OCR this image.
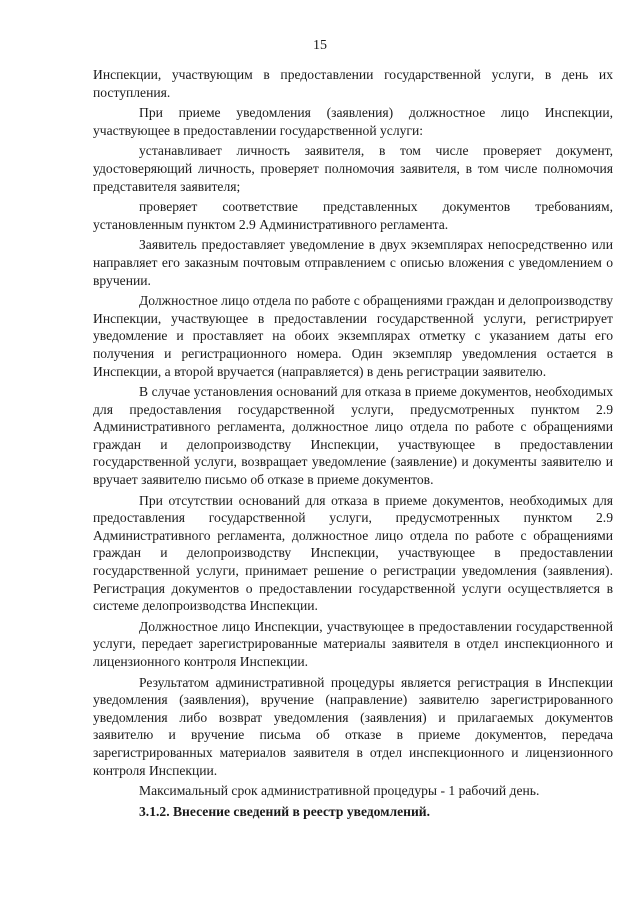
15

Инспекции, участвующим в предоставлении государственной услуги, в день их поступления.

При приеме уведомления (заявления) должностное лицо Инспекции, участвующее в предоставлении государственной услуги:

устанавливает личность заявителя, в том числе проверяет документ, удостоверяющий личность, проверяет полномочия заявителя, в том числе полномочия представителя заявителя;

проверяет соответствие представленных документов требованиям, установленным пунктом 2.9 Административного регламента.

Заявитель предоставляет уведомление в двух экземплярах непосредственно или направляет его заказным почтовым отправлением с описью вложения с уведомлением о вручении.

Должностное лицо отдела по работе с обращениями граждан и делопроизводству Инспекции, участвующее в предоставлении государственной услуги, регистрирует уведомление и проставляет на обоих экземплярах отметку с указанием даты его получения и регистрационного номера. Один экземпляр уведомления остается в Инспекции, а второй вручается (направляется) в день регистрации заявителю.

В случае установления оснований для отказа в приеме документов, необходимых для предоставления государственной услуги, предусмотренных пунктом 2.9 Административного регламента, должностное лицо отдела по работе с обращениями граждан и делопроизводству Инспекции, участвующее в предоставлении государственной услуги, возвращает уведомление (заявление) и документы заявителю и вручает заявителю письмо об отказе в приеме документов.

При отсутствии оснований для отказа в приеме документов, необходимых для предоставления государственной услуги, предусмотренных пунктом 2.9 Административного регламента, должностное лицо отдела по работе с обращениями граждан и делопроизводству Инспекции, участвующее в предоставлении государственной услуги, принимает решение о регистрации уведомления (заявления). Регистрация документов о предоставлении государственной услуги осуществляется в системе делопроизводства Инспекции.

Должностное лицо Инспекции, участвующее в предоставлении государственной услуги, передает зарегистрированные материалы заявителя в отдел инспекционного и лицензионного контроля Инспекции.

Результатом административной процедуры является регистрация в Инспекции уведомления (заявления), вручение (направление) заявителю зарегистрированного уведомления либо возврат уведомления (заявления) и прилагаемых документов заявителю и вручение письма об отказе в приеме документов, передача зарегистрированных материалов заявителя в отдел инспекционного и лицензионного контроля Инспекции.

Максимальный срок административной процедуры - 1 рабочий день.

3.1.2. Внесение сведений в реестр уведомлений.
